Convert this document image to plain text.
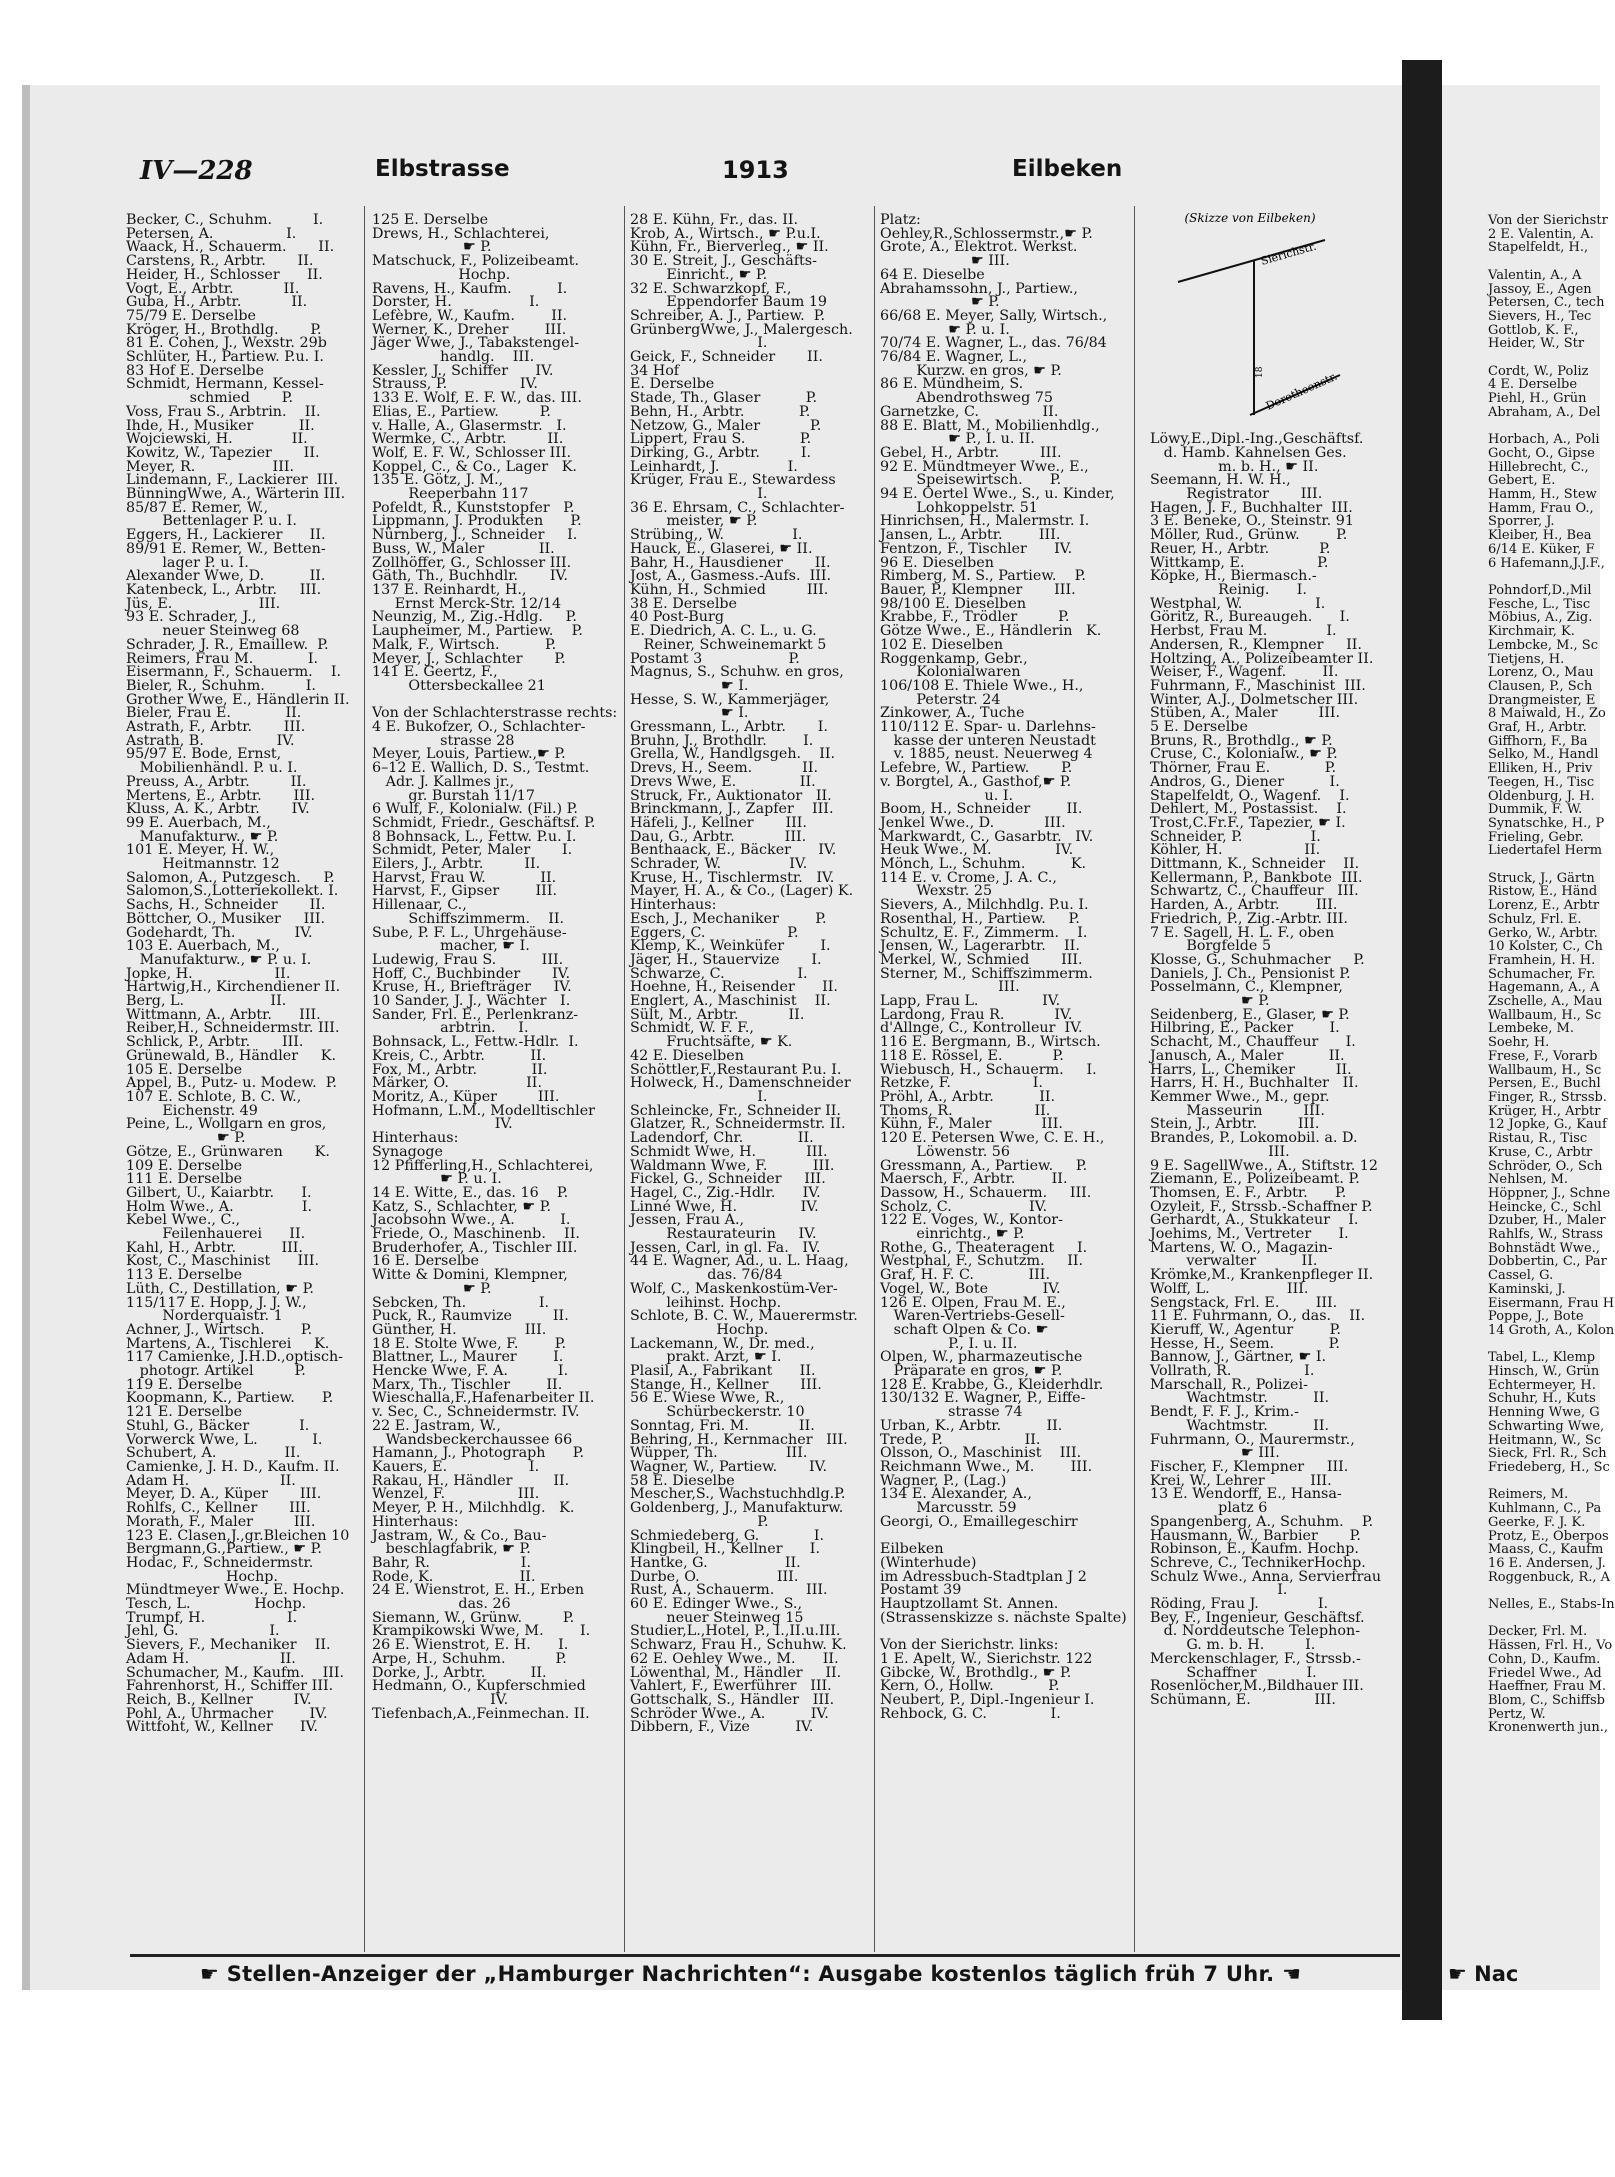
IV—228	Elbstrasse	1913	Eilbeken
Becker, C., Schuhm.         I.
Petersen, A.                I.
Waack, H., Schauerm.       II.
Carstens, R., Arbtr.       II.
Heider, H., Schlosser      II.
Vogt, E., Arbtr.           II.
Guba, H., Arbtr.           II.
75/79 E. Derselbe
Kröger, H., Brothdlg.       P.
81 E. Cohen, J., Wexstr. 29b
Schlüter, H., Partiew. P.u. I.
83 Hof E. Derselbe
Schmidt, Hermann, Kessel-
schmied       P.
Voss, Frau S., Arbtrin.    II.
Ihde, H., Musiker          II.
Wojciewski, H.             II.
Kowitz, W., Tapezier       II.
Meyer, R.                 III.
Lindemann, F., Lackierer  III.
BünningWwe, A., Wärterin III.
85/87 E. Remer, W.,
Bettenlager P. u. I.
Eggers, H., Lackierer      II.
89/91 E. Remer, W., Betten-
lager P. u. I.
Alexander Wwe, D.          II.
Katenbeck, L., Arbtr.     III.
Jüs, E.                   III.
93 E. Schrader, J.,
neuer Steinweg 68
Schrader, J. R., Emaillew.  P.
Reimers, Frau M.            I.
Eisermann, F., Schauerm.    I.
Bieler, R., Schuhm.         I.
Grother Wwe, E., Händlerin II.
Bieler, Frau E.            II.
Astrath, F., Arbtr.       III.
Astrath, B.                IV.
95/97 E. Bode, Ernst,
Mobilienhändl. P. u. I.
Preuss, A., Arbtr.         II.
Mertens, E., Arbtr.       III.
Kluss, A. K., Arbtr.       IV.
99 E. Auerbach, M.,
Manufakturw., ☛ P.
101 E. Meyer, H. W.,
Heitmannstr. 12
Salomon, A., Putzgesch.     P.
Salomon,S.,Lotteriekollekt. I.
Sachs, H., Schneider       II.
Böttcher, O., Musiker     III.
Godehardt, Th.             IV.
103 E. Auerbach, M.,
Manufakturw., ☛ P. u. I.
Jopke, H.                  II.
Hartwig,H., Kirchendiener II.
Berg, L.                   II.
Wittmann, A., Arbtr.      III.
Reiber,H., Schneidermstr. III.
Schlick, P., Arbtr.       III.
Grünewald, B., Händler     K.
105 E. Derselbe
Appel, B., Putz- u. Modew.  P.
107 E. Schlote, B. C. W.,
Eichenstr. 49
Peine, L., Wollgarn en gros,
☛ P.
Götze, E., Grünwaren       K.
109 E. Derselbe
111 E. Derselbe
Gilbert, U., Kaiarbtr.      I.
Holm Wwe., A.               I.
Kebel Wwe., C.,
Feilenhauerei      II.
Kahl, H., Arbtr.          III.
Kost, C., Maschinist      III.
113 E. Derselbe
Lüth, C., Destillation, ☛ P.
115/117 E. Hopp, J. J. W.,
Norderquaistr. 1
Achner, J., Wirtsch.        P.
Martens, A., Tischlerei     K.
117 Camienke, J.H.D.,optisch-
photogr. Artikel         P.
119 E. Derselbe
Koopmann, K., Partiew.      P.
121 E. Derselbe
Stuhl, G., Bäcker           I.
Vorwerck Wwe, L.            I.
Schubert, A.               II.
Camienke, J. H. D., Kaufm. II.
Adam H.                    II.
Meyer, D. A., Küper       III.
Rohlfs, C., Kellner       III.
Morath, F., Maler         III.
123 E. Clasen,J.,gr.Bleichen 10
Bergmann,G.,Partiew., ☛ P.
Hodac, F., Schneidermstr.
Hochp.
Mündtmeyer Wwe., E. Hochp.
Tesch, L.              Hochp.
Trumpf, H.                  I.
Jehl, G.                    I.
Sievers, F., Mechaniker    II.
Adam H.                    II.
Schumacher, M., Kaufm.    III.
Fahrenhorst, H., Schiffer III.
Reich, B., Kellner         IV.
Pohl, A., Uhrmacher        IV.
Wittfoht, W., Kellner      IV.
125 E. Derselbe
Drews, H., Schlachterei,
☛ P.
Matschuck, F., Polizeibeamt.
Hochp.
Ravens, H., Kaufm.          I.
Dorster, H.                 I.
Lefèbre, W., Kaufm.        II.
Werner, K., Dreher        III.
Jäger Wwe, J., Tabakstengel-
handlg.    III.
Kessler, J., Schiffer      IV.
Strauss, P.                IV.
133 E. Wolf, E. F. W., das. III.
Elias, E., Partiew.         P.
v. Halle, A., Glasermstr.   I.
Wermke, C., Arbtr.         II.
Wolf, E. F. W., Schlosser III.
Koppel, C., & Co., Lager   K.
135 E. Götz, J. M.,
Reeperbahn 117
Pofeldt, R., Kunststopfer   P.
Lippmann, J. Produkten      P.
Nürnberg, J., Schneider     I.
Buss, W., Maler            II.
Zollhöffer, G., Schlosser III.
Gäth, Th., Buchhdlr.       IV.
137 E. Reinhardt, H.,
Ernst Merck-Str. 12/14
Neunzig, M., Zig.-Hdlg.     P.
Laupheimer, M., Partiew.    P.
Malk, F., Wirtsch.          P.
Meyer, J., Schlachter       P.
141 E. Geertz, F.,
Ottersbeckallee 21

Von der Schlachterstrasse rechts:
4 E. Bukofzer, O., Schlachter-
strasse 28
Meyer, Louis, Partiew.,☛ P.
6–12 E. Wallich, D. S., Testmt.
Adr. J. Kallmes jr.,
gr. Burstah 11/17
6 Wulf, F., Kolonialw. (Fil.) P.
Schmidt, Friedr., Geschäftsf. P.
8 Bohnsack, L., Fettw. P.u. I.
Schmidt, Peter, Maler       I.
Eilers, J., Arbtr.         II.
Harvst, Frau W.            II.
Harvst, F., Gipser        III.
Hillenaar, C.,
Schiffszimmerm.    II.
Sube, P. F. L., Uhrgehäuse-
macher, ☛ I.
Ludewig, Frau S.          III.
Hoff, C., Buchbinder       IV.
Kruse, H., Briefträger     IV.
10 Sander, J. J., Wächter   I.
Sander, Frl. E., Perlenkranz-
arbtrin.     I.
Bohnsack, L., Fettw.-Hdlr.  I.
Kreis, C., Arbtr.          II.
Fox, M., Arbtr.            II.
Märker, O.                 II.
Moritz, A., Küper         III.
Hofmann, L.M., Modelltischler
IV.
Hinterhaus:
Synagoge
12 Pfifferling,H., Schlachterei,
☛ P. u. I.
14 E. Witte, E., das. 16    P.
Katz, S., Schlachter, ☛ P.
Jacobsohn Wwe., A.          I.
Friede, O., Maschinenb.    II.
Bruderhofer, A., Tischler III.
16 E. Derselbe
Witte & Domini, Klempner,
☛ P.
Sebcken, Th.                I.
Puck, R., Raumvize         II.
Günther, H.               III.
18 E. Stolte Wwe, F.        P.
Blattner, L., Maurer        I.
Hencke Wwe, F. A.           I.
Marx, Th., Tischler        II.
Wieschalla,F.,Hafenarbeiter II.
v. Sec, C., Schneidermstr. IV.
22 E. Jastram, W.,
Wandsbeckerchaussee 66
Hamann, J., Photograph      P.
Kauers, E.                  I.
Rakau, H., Händler         II.
Wenzel, F.                III.
Meyer, P. H., Milchhdlg.   K.
Hinterhaus:
Jastram, W., & Co., Bau-
beschlagfabrik, ☛ P.
Bahr, R.                    I.
Rode, K.                   II.
24 E. Wienstrot, E. H., Erben
das. 26
Siemann, W., Grünw.         P.
Krampikowski Wwe, M.        I.
26 E. Wienstrot, E. H.      I.
Arpe, H., Schuhm.           P.
Dorke, J., Arbtr.          II.
Hedmann, O., Kupferschmied
IV.
Tiefenbach,A.,Feinmechan. II.
28 E. Kühn, Fr., das. II.
Krob, A., Wirtsch., ☛ P.u.I.
Kühn, Fr., Bierverleg., ☛ II.
30 E. Streit, J., Geschäfts-
Einricht., ☛ P.
32 E. Schwarzkopf, F.,
Eppendorfer Baum 19
Schreiber, A. J., Partiew.  P.
GrünbergWwe, J., Malergesch.
I.
Geick, F., Schneider       II.
34 Hof
E. Derselbe
Stade, Th., Glaser          P.
Behn, H., Arbtr.            P.
Netzow, G., Maler           P.
Lippert, Frau S.            P.
Dirking, G., Arbtr.         I.
Leinhardt, J.               I.
Krüger, Frau E., Stewardess
I.
36 E. Ehrsam, C., Schlachter-
meister, ☛ P.
Strübing,, W.               I.
Hauck, E., Glaserei, ☛ II.
Bahr, H., Hausdiener       II.
Jost, A., Gasmess.-Aufs.  III.
Kühn, H., Schmied         III.
38 E. Derselbe
40 Post-Burg
E. Diedrich, A. C. L., u. G.
Reiner, Schweinemarkt 5
Postamt 3                   P.
Magnus, S., Schuhw. en gros,
☛ I.
Hesse, S. W., Kammerjäger,
☛ I.
Gressmann, L., Arbtr.       I.
Bruhn, J., Brothdlr.        I.
Grella, W., Handlgsgeh.    II.
Drevs, H., Seem.           II.
Drevs Wwe, E.              II.
Struck, Fr., Auktionator   II.
Brinckmann, J., Zapfer    III.
Häfeli, J., Kellner       III.
Dau, G., Arbtr.           III.
Benthaack, E., Bäcker      IV.
Schrader, W.               IV.
Kruse, H., Tischlermstr.   IV.
Mayer, H. A., & Co., (Lager) K.
Hinterhaus:
Esch, J., Mechaniker        P.
Eggers, C.                  P.
Klemp, K., Weinküfer        I.
Jäger, H., Stauervize       I.
Schwarze, C.                I.
Hoehne, H., Reisender      II.
Englert, A., Maschinist    II.
Sült, M., Arbtr.           II.
Schmidt, W. F. F.,
Fruchtsäfte, ☛ K.
42 E. Dieselben
Schöttler,F.,Restaurant P.u. I.
Holweck, H., Damenschneider
I.
Schleincke, Fr., Schneider II.
Glatzer, R., Schneidermstr. II.
Ladendorf, Chr.            II.
Schmidt Wwe, H.           III.
Waldmann Wwe, F.          III.
Fickel, G., Schneider     III.
Hagel, C., Zig.-Hdlr.      IV.
Linné Wwe, H.              IV.
Jessen, Frau A.,
Restaurateurin     IV.
Jessen, Carl, in gl. Fa.   IV.
44 E. Wagner, Ad., u. L. Haag,
das. 76/84
Wolf, C., Maskenkostüm-Ver-
leihinst. Hochp.
Schlote, B. C. W., Mauerermstr.
Hochp.
Lackemann, W., Dr. med.,
prakt. Arzt, ☛ I.
Plasil, A., Fabrikant      II.
Stange, H., Kellner       III.
56 E. Wiese Wwe, R.,
Schürbeckerstr. 10
Sonntag, Fri. M.           II.
Behring, H., Kernmacher   III.
Wüpper, Th.               III.
Wagner, W., Partiew.       IV.
58 E. Dieselbe
Mescher,S., Wachstuchhdlg.P.
Goldenberg, J., Manufakturw.
P.
Schmiedeberg, G.            I.
Klingbeil, H., Kellner      I.
Hantke, G.                 II.
Durbe, O.                 III.
Rust, A., Schauerm.       III.
60 E. Edinger Wwe., S.,
neuer Steinweg 15
Studier,L.,Hotel, P., I.,II.u.III.
Schwarz, Frau H., Schuhw. K.
62 E. Oehley Wwe., M.      II.
Löwenthal, M., Händler     II.
Vahlert, F., Ewerführer   III.
Gottschalk, S., Händler   III.
Schröder Wwe., A.          IV.
Dibbern, F., Vize          IV.
Platz:
Oehley,R.,Schlossermstr.,☛ P.
Grote, A., Elektrot. Werkst.
☛ III.
64 E. Dieselbe
Abrahamssohn, J., Partiew.,
☛ P.
66/68 E. Meyer, Sally, Wirtsch.,
☛ P. u. I.
70/74 E. Wagner, L., das. 76/84
76/84 E. Wagner, L.,
Kurzw. en gros, ☛ P.
86 E. Mündheim, S.
Abendrothsweg 75
Garnetzke, C.              II.
88 E. Blatt, M., Mobilienhdlg.,
☛ P., I. u. II.
Gebel, H., Arbtr.         III.
92 E. Mündtmeyer Wwe., E.,
Speisewirtsch.      P.
94 E. Oertel Wwe., S., u. Kinder,
Lohkoppelstr. 51
Hinrichsen, H., Malermstr. I.
Jansen, L., Arbtr.        III.
Fentzon, F., Tischler      IV.
96 E. Dieselben
Rimberg, M. S., Partiew.    P.
Bauer, P., Klempner       III.
98/100 E. Dieselben
Krabbe, F., Trödler         P.
Götze Wwe., E., Händlerin   K.
102 E. Dieselben
Roggenkamp, Gebr.,
Kolonialwaren
106/108 E. Thiele Wwe., H.,
Peterstr. 24
Zinkower, A., Tuche
110/112 E. Spar- u. Darlehns-
kasse der unteren Neustadt
v. 1885, neust. Neuerweg 4
Lefebre, W., Partiew.       P.
v. Borgtel, A., Gasthof,☛ P.
u. I.
Boom, H., Schneider        II.
Jenkel Wwe., D.           III.
Markwardt, C., Gasarbtr.   IV.
Heuk Wwe., M.              IV.
Mönch, L., Schuhm.          K.
114 E. v. Crome, J. A. C.,
Wexstr. 25
Sievers, A., Milchhdlg. P.u. I.
Rosenthal, H., Partiew.     P.
Schultz, E. F., Zimmerm.    I.
Jensen, W., Lagerarbtr.    II.
Merkel, W., Schmied       III.
Sterner, M., Schiffszimmerm.
III.
Lapp, Frau L.              IV.
Lardong, Frau R.           IV.
d'Allnge, C., Kontrolleur  IV.
116 E. Bergmann, B., Wirtsch.
118 E. Rössel, E.           P.
Wiebusch, H., Schauerm.     I.
Retzke, F.                  I.
Pröhl, A., Arbtr.          II.
Thoms, R.                  II.
Kühn, F., Maler           III.
120 E. Petersen Wwe, C. E. H.,
Löwenstr. 56
Gressmann, A., Partiew.     P.
Maersch, F., Arbtr.        II.
Dassow, H., Schauerm.     III.
Scholz, C.                 IV.
122 E. Voges, W., Kontor-
einrichtg., ☛ P.
Rothe, G., Theateragent     I.
Westphal, F., Schutzm.     II.
Graf, H. F. C.            III.
Vogel, W., Bote            IV.
126 E. Olpen, Frau M. E.,
Waren-Vertriebs-Gesell-
schaft Olpen & Co. ☛
P., I. u. II.
Olpen, W., pharmazeutische
Präparate en gros, ☛ P.
128 E. Krabbe, G., Kleiderhdlr.
130/132 E. Wagner, P., Eiffe-
strasse 74
Urban, K., Arbtr.          II.
Trede, P.                  II.
Olsson, O., Maschinist    III.
Reichmann Wwe., M.        III.
Wagner, P., (Lag.)
134 E. Alexander, A.,
Marcusstr. 59
Georgi, O., Emaillegeschirr

Eilbeken
(Winterhude)
im Adressbuch-Stadtplan J 2
Postamt 39
Hauptzollamt St. Annen.
(Strassenskizze s. nächste Spalte)

Von der Sierichstr. links:
1 E. Apelt, W., Sierichstr. 122
Gibcke, W., Brothdlg., ☛ P.
Kern, O., Hollw.            P.
Neubert, P., Dipl.-Ingenieur I.
Rehbock, G. C.              I.

Löwy,E.,Dipl.-Ing.,Geschäftsf.
d. Hamb. Kahnelsen Ges.
m. b. H., ☛ II.
Seemann, H. W. H.,
Registrator       III.
Hagen, J. F., Buchhalter  III.
3 E. Beneke, O., Steinstr. 91
Möller, Rud., Grünw.        P.
Reuer, H., Arbtr.           P.
Wittkamp, E.                P.
Köpke, H., Biermasch.-
Reinig.      I.
Westphal, W.                I.
Göritz, R., Bureaugeh.      I.
Herbst, Frau M.             I.
Andersen, R., Klempner     II.
Holtzing, A., Polizeibeamter II.
Weiser, F., Wagenf.        II.
Fuhrmann, F., Maschinist  III.
Winter, A.J., Dolmetscher III.
Stüben, A., Maler         III.
5 E. Derselbe
Bruns, R., Brothdlg., ☛ P.
Cruse, C., Kolonialw., ☛ P.
Thörner, Frau E.            P.
Andros, G., Diener          I.
Stapelfeldt, O., Wagenf.    I.
Dehlert, M., Postassist.    I.
Trost,C.Fr.F., Tapezier, ☛ I.
Schneider, P.               I.
Köhler, H.                  II.
Dittmann, K., Schneider    II.
Kellermann, P., Bankbote  III.
Schwartz, C., Chauffeur   III.
Harden, A., Arbtr.        III.
Friedrich, P., Zig.-Arbtr. III.
7 E. Sagell, H. L. F., oben
Borgfelde 5
Klosse, G., Schuhmacher     P.
Daniels, J. Ch., Pensionist P.
Posselmann, C., Klempner,
☛ P.
Seidenberg, E., Glaser, ☛ P.
Hilbring, E., Packer        I.
Schacht, M., Chauffeur      I.
Janusch, A., Maler          II.
Harrs, L., Chemiker         II.
Harrs, H. H., Buchhalter   II.
Kemmer Wwe., M., gepr.
Masseurin         III.
Stein, J., Arbtr.         III.
Brandes, P., Lokomobil. a. D.
III.
9 E. SagellWwe., A., Stiftstr. 12
Ziemann, E., Polizeibeamt. P.
Thomsen, E. F., Arbtr.      P.
Ozyleit, F., Strssb.-Schaffner P.
Gerhardt, A., Stukkateur    I.
Joehims, M., Vertreter      I.
Martens, W. O., Magazin-
verwalter          II.
Krömke,M., Krankenpfleger II.
Wolff, L.                 III.
Sengstack, Frl. E.        III.
11 E. Fuhrmann, O., das.    II.
Kieruff, W., Agentur        P.
Hesse, H., Seem.            P.
Bannow, J., Gärtner, ☛ I.
Vollrath, R.                I.
Marschall, R., Polizei-
Wachtmstr.          II.
Bendt, F. F. J., Krim.-
Wachtmstr.          II.
Fuhrmann, O., Maurermstr.,
☛ III.
Fischer, F., Klempner     III.
Krei, W., Lehrer          III.
13 E. Wendorff, E., Hansa-
platz 6
Spangenberg, A., Schuhm.    P.
Hausmann, W., Barbier       P.
Robinson, E., Kaufm. Hochp.
Schreve, C., TechnikerHochp.
Schulz Wwe., Anna, Servierfrau
I.
Röding, Frau J.             I.
Bey, F., Ingenieur, Geschäftsf.
d. Norddeutsche Telephon-
G. m. b. H.         I.
Merckenschlager, F., Strssb.-
Schaffner           I.
Rosenlöcher,M.,Bildhauer III.
Schümann, E.              III.
Von der Sierichstr
2 E. Valentin, A.
Stapelfeldt, H.,

Valentin, A., A
Jassoy, E., Agen
Petersen, C., tech
Sievers, H., Tec
Gottlob, K. F.,
Heider, W., Str

Cordt, W., Poliz
4 E. Derselbe
Piehl, H., Grün
Abraham, A., Del

Horbach, A., Poli
Gocht, O., Gipse
Hillebrecht, C.,
Gebert, E.
Hamm, H., Stew
Hamm, Frau O.,
Sporrer, J.
Kleiber, H., Bea
6/14 E. Küker, F
6 Hafemann,J.J.F.,

Pohndorf,D.,Mil
Fesche, L., Tisc
Möbius, A., Zig.
Kirchmair, K.
Lembcke, M., Sc
Tietjens, H.
Lorenz, O., Mau
Clausen, P., Sch
Drangmeister, E
8 Maiwald, H., Zo
Graf, H., Arbtr.
Giffhorn, F., Ba
Selko, M., Handl
Elliken, H., Priv
Teegen, H., Tisc
Oldenburg, J. H.
Dummik, F. W.
Synatschke, H., P
Frieling, Gebr.
Liedertafel Herm

Struck, J., Gärtn
Ristow, E., Händ
Lorenz, E., Arbtr
Schulz, Frl. E.
Gerko, W., Arbtr.
10 Kolster, C., Ch
Framhein, H. H.
Schumacher, Fr.
Hagemann, A., A
Zschelle, A., Mau
Wallbaum, H., Sc
Lembeke, M.
Soehr, H.
Frese, F., Vorarb
Wallbaum, H., Sc
Persen, E., Buchl
Finger, R., Strssb.
Krüger, H., Arbtr
12 Jopke, G., Kauf
Ristau, R., Tisc
Kruse, C., Arbtr
Schröder, O., Sch
Nehlsen, M.
Höppner, J., Schne
Heincke, C., Schl
Dzuber, H., Maler
Rahlfs, W., Strass
Bohnstädt Wwe.,
Dobbertin, C., Par
Cassel, G.
Kaminski, J.
Eisermann, Frau H
Poppe, J., Bote
14 Groth, A., Kolon

Tabel, L., Klemp
Hinsch, W., Grün
Echtermeyer, H.
Schuhr, H., Kuts
Henning Wwe, G
Schwarting Wwe,
Heitmann, W., Sc
Sieck, Frl. R., Sch
Friedeberg, H., Sc

Reimers, M.
Kuhlmann, C., Pa
Geerke, F. J. K.
Protz, E., Oberpos
Maass, C., Kaufm
16 E. Andersen, J.
Roggenbuck, R., A

Nelles, E., Stabs-In

Decker, Frl. M.
Hässen, Frl. H., Vo
Cohn, D., Kaufm.
Friedel Wwe., Ad
Haeffner, Frau M.
Blom, C., Schiffsb
Pertz, W.
Kronenwerth jun.,
(Skizze von Eilbeken)
Sierichstr.
Dorotheenstr.
18
☛ Stellen-Anzeiger der „Hamburger Nachrichten“: Ausgabe kostenlos täglich früh 7 Uhr. ☚	☛ Nac
